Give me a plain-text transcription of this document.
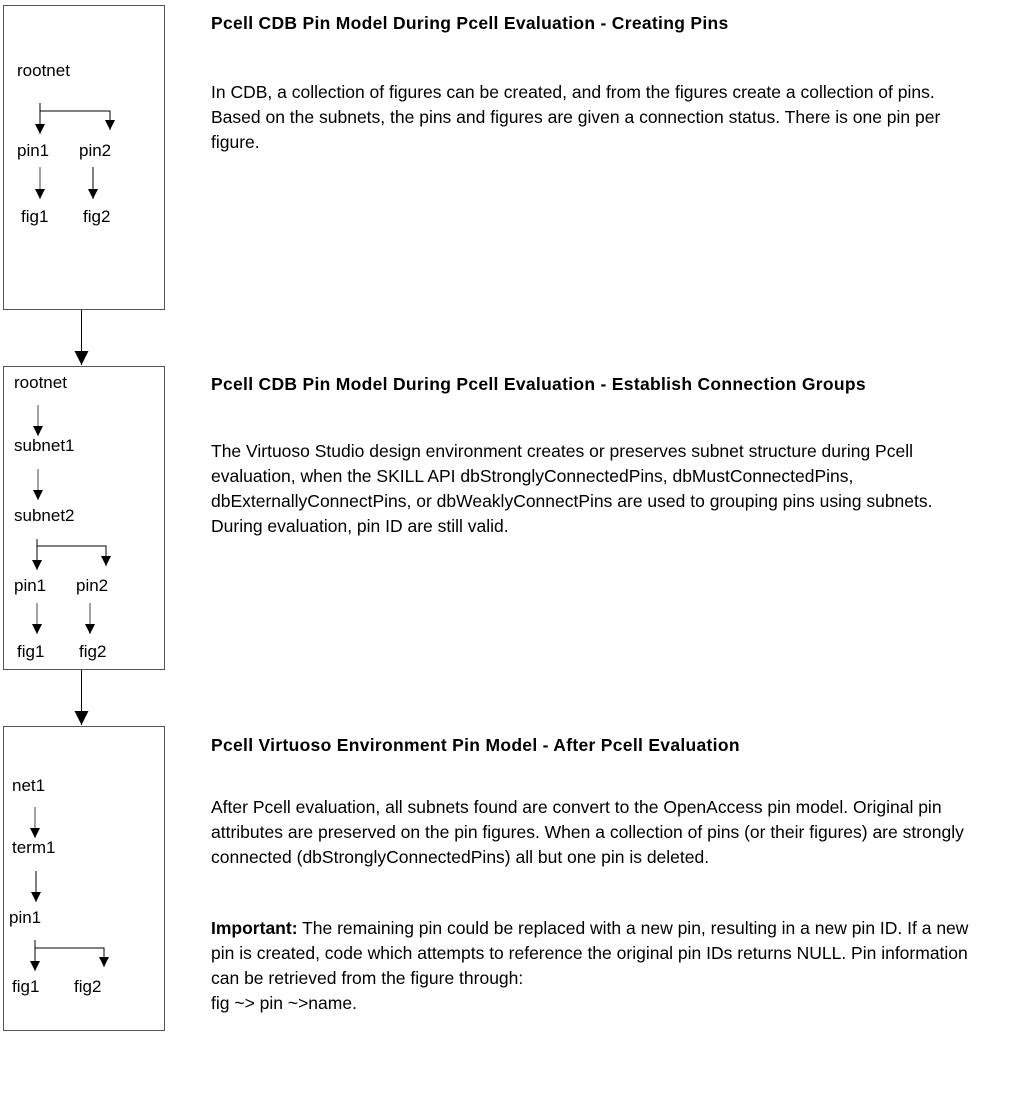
rootnet
pin1 pin2
fig1 fig2
rootnet
subnet1
subnet2
pin1 pin2
fig1 fig2
net1
term1
pin1
fig1 fig2
Pcell CDB Pin Model During Pcell Evaluation - Creating Pins

In CDB, a collection of figures can be created, and from the figures create a collection of pins. Based on the subnets, the pins and figures are given a connection status. There is one pin per figure.

Pcell CDB Pin Model During Pcell Evaluation - Establish Connection Groups

The Virtuoso Studio design environment creates or preserves subnet structure during Pcell evaluation, when the SKILL API dbStronglyConnectedPins, dbMustConnectedPins, dbExternallyConnectPins, or dbWeaklyConnectPins are used to grouping pins using subnets. During evaluation, pin ID are still valid.

Pcell Virtuoso Environment Pin Model - After Pcell Evaluation

After Pcell evaluation, all subnets found are convert to the OpenAccess pin model. Original pin attributes are preserved on the pin figures. When a collection of pins (or their figures) are strongly connected (dbStronglyConnectedPins) all but one pin is deleted.

Important: The remaining pin could be replaced with a new pin, resulting in a new pin ID. If a new pin is created, code which attempts to reference the original pin IDs returns NULL. Pin information can be retrieved from the figure through:
fig ~> pin ~>name.
